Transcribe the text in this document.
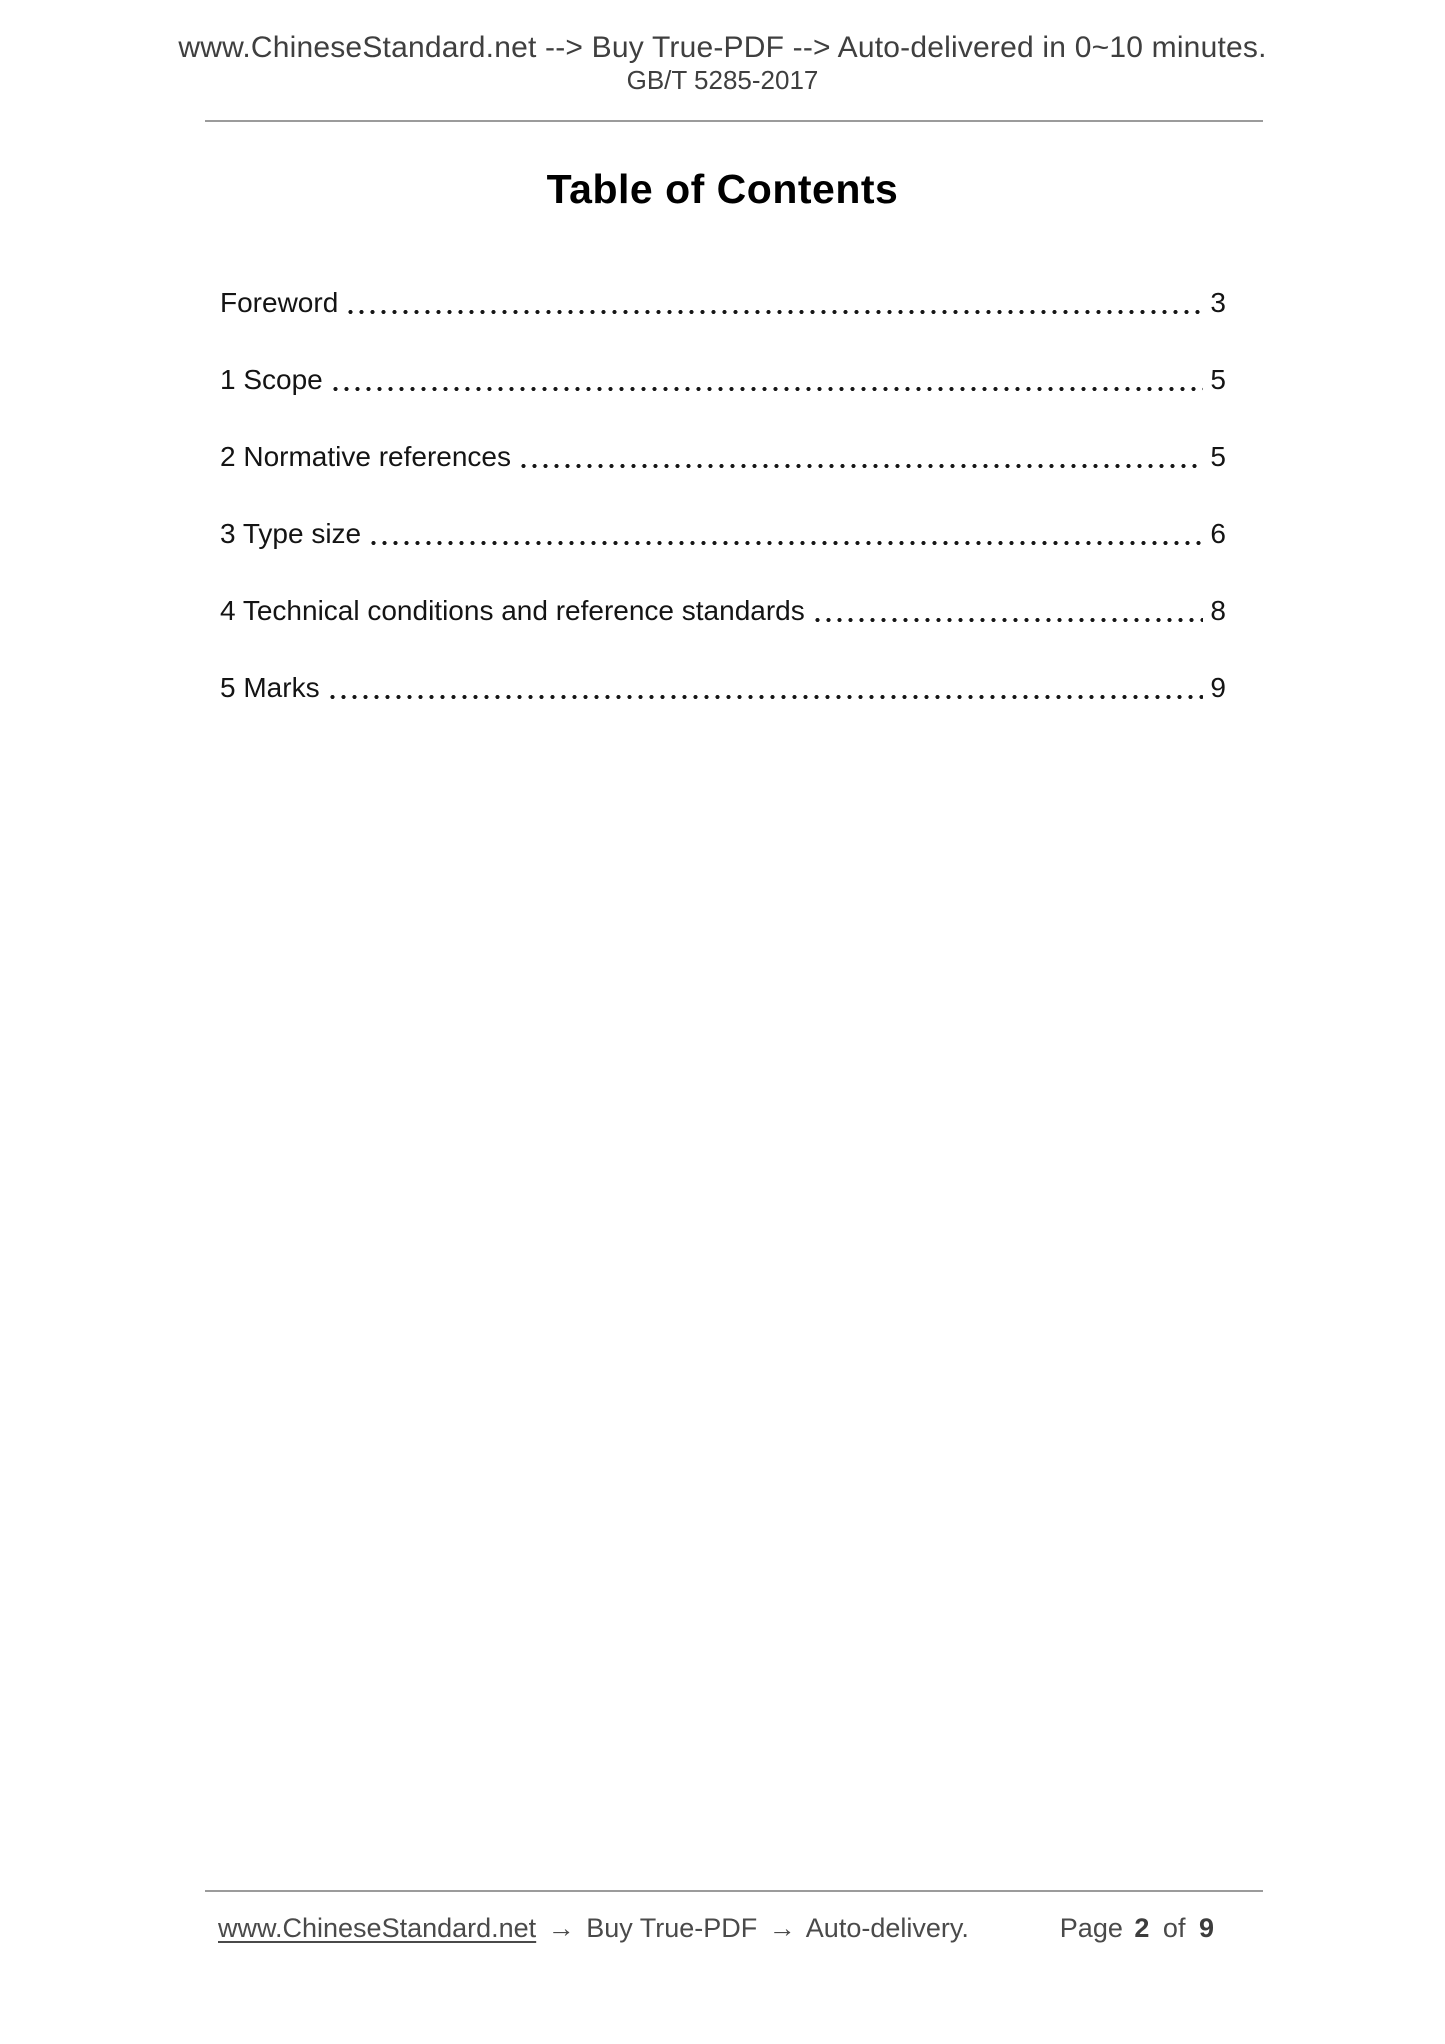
www.ChineseStandard.net --> Buy True-PDF --> Auto-delivered in 0~10 minutes.
GB/T 5285-2017
Table of Contents
Foreword	3
1 Scope	5
2 Normative references	5
3 Type size	6
4 Technical conditions and reference standards	8
5 Marks	9
www.ChineseStandard.net → Buy True-PDF → Auto-delivery.	Page 2 of 9
